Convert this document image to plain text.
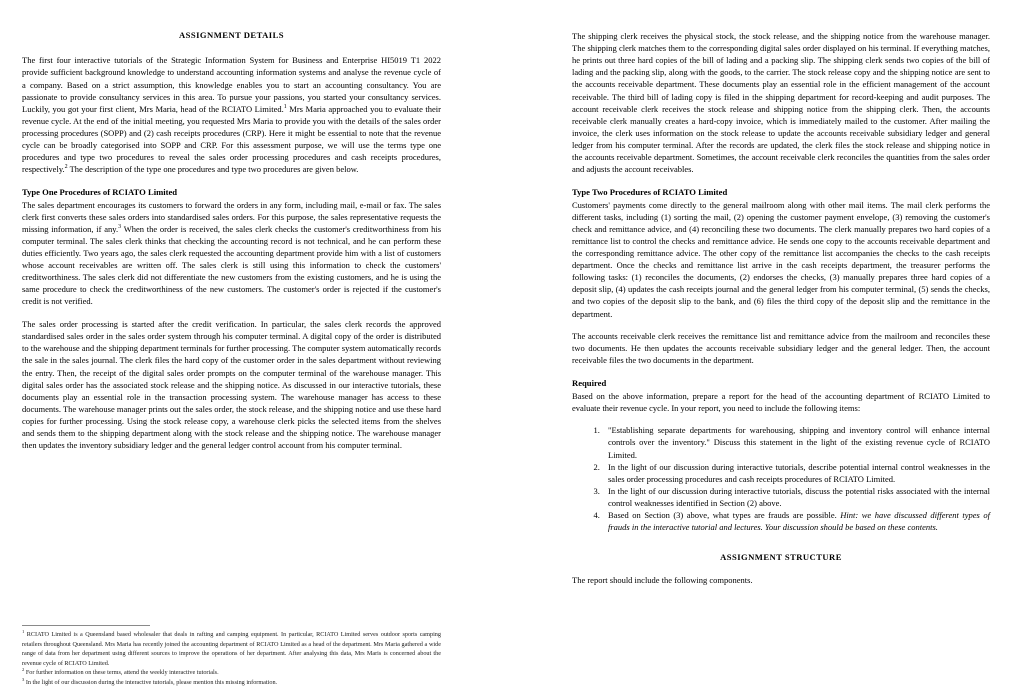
ASSIGNMENT DETAILS

The first four interactive tutorials of the Strategic Information System for Business and Enterprise HI5019 T1 2022 provide sufficient background knowledge to understand accounting information systems and analyse the revenue cycle of a company. Based on a strict assumption, this knowledge enables you to start an accounting consultancy. You are passionate to provide consultancy services in this area. To pursue your passions, you started your consultancy services. Luckily, you got your first client, Mrs Maria, head of the RCIATO Limited.$^1$ Mrs Maria approached you to evaluate their revenue cycle. At the end of the initial meeting, you requested Mrs Maria to provide you with the details of the sales order processing procedures (SOPP) and (2) cash receipts procedures (CRP). Here it might be essential to note that the revenue cycle can be broadly categorised into SOPP and CRP. For this assessment purpose, we will use the terms type one procedures and type two procedures to reveal the sales order processing procedures and cash receipts procedures, respectively.$^2$ The description of the type one procedures and type two procedures are given below.

Type One Procedures of RCIATO Limited

The sales department encourages its customers to forward the orders in any form, including mail, e-mail or fax. The sales clerk first converts these sales orders into standardised sales orders. For this purpose, the sales representative requests the missing information, if any.$^3$ When the order is received, the sales clerk checks the customer's creditworthiness from his computer terminal. The sales clerk thinks that checking the accounting record is not technical, and he can perform these duties efficiently. Two years ago, the sales clerk requested the accounting department provide him with a list of customers whose account receivables are written off. The sales clerk is still using this information to check the customers' creditworthiness. The sales clerk did not differentiate the new customers from the existing customers, and he is using the same procedure to check the creditworthiness of the new customers. The customer's order is rejected if the customer's credit is not verified.

The sales order processing is started after the credit verification. In particular, the sales clerk records the approved standardised sales order in the sales order system through his computer terminal. A digital copy of the order is distributed to the warehouse and the shipping department terminals for further processing. The computer system automatically records the sale in the sales journal. The clerk files the hard copy of the customer order in the sales department without reviewing the entry. Then, the receipt of the digital sales order prompts on the computer terminal of the warehouse manager. This digital sales order has the associated stock release and the shipping notice. As discussed in our interactive tutorials, these documents play an essential role in the transaction processing system. The warehouse manager has access to these documents. The warehouse manager prints out the sales order, the stock release, and the shipping notice and use these hard copies for further processing. Using the stock release copy, a warehouse clerk picks the selected items from the shelves and sends them to the shipping department along with the stock release and the shipping notice. The warehouse manager then updates the inventory subsidiary ledger and the general ledger control account from his computer terminal.

$^1$ RCIATO Limited is a Queensland based wholesaler that deals in rafting and camping equipment. In particular, RCIATO Limited serves outdoor sports camping retailers throughout Queensland. Mrs Maria has recently joined the accounting department of RCIATO Limited as a head of the department. Mrs Maria gathered a wide range of data from her department using different sources to improve the operations of her department. After analysing this data, Mrs Maris is concerned about the revenue cycle of RCIATO Limited.

$^2$ For further information on these terms, attend the weekly interactive tutorials.

$^3$ In the light of our discussion during the interactive tutorials, please mention this missing information.

The shipping clerk receives the physical stock, the stock release, and the shipping notice from the warehouse manager. The shipping clerk matches them to the corresponding digital sales order displayed on his terminal. If everything matches, he prints out three hard copies of the bill of lading and a packing slip. The shipping clerk sends two copies of the bill of lading and the packing slip, along with the goods, to the carrier. The stock release copy and the shipping notice are sent to the accounts receivable department. These documents play an essential role in the efficient management of the account receivable. The third bill of lading copy is filed in the shipping department for record-keeping and audit purposes. The account receivable clerk receives the stock release and shipping notice from the shipping clerk. Then, the accounts receivable clerk manually creates a hard-copy invoice, which is immediately mailed to the customer. After mailing the invoice, the clerk uses information on the stock release to update the accounts receivable subsidiary ledger and general ledger from his computer terminal. After the records are updated, the clerk files the stock release and shipping notice in the accounts receivable department. Sometimes, the account receivable clerk reconciles the quantities from the sales order and adjusts the account receivables.

Type Two Procedures of RCIATO Limited

Customers' payments come directly to the general mailroom along with other mail items. The mail clerk performs the different tasks, including (1) sorting the mail, (2) opening the customer payment envelope, (3) removing the customer's check and remittance advice, and (4) reconciling these two documents. The clerk manually prepares two hard copies of a remittance list to control the checks and remittance advice. He sends one copy to the accounts receivable department and the corresponding remittance advice. The other copy of the remittance list accompanies the checks to the cash receipts department. Once the checks and remittance list arrive in the cash receipts department, the treasurer performs the following tasks: (1) reconciles the documents, (2) endorses the checks, (3) manually prepares three hard copies of a deposit slip, (4) updates the cash receipts journal and the general ledger from his computer terminal, (5) sends the checks, and two copies of the deposit slip to the bank, and (6) files the third copy of the deposit slip and the remittance in the department.

The accounts receivable clerk receives the remittance list and remittance advice from the mailroom and reconciles these two documents. He then updates the accounts receivable subsidiary ledger and the general ledger. Then, the account receivable files the two documents in the department.

Required

Based on the above information, prepare a report for the head of the accounting department of RCIATO Limited to evaluate their revenue cycle. In your report, you need to include the following items:

1. "Establishing separate departments for warehousing, shipping and inventory control will enhance internal controls over the inventory." Discuss this statement in the light of the existing revenue cycle of RCIATO Limited.
2. In the light of our discussion during interactive tutorials, describe potential internal control weaknesses in the sales order processing procedures and cash receipts procedures of RCIATO Limited.
3. In the light of our discussion during interactive tutorials, discuss the potential risks associated with the internal control weaknesses identified in Section (2) above.
4. Based on Section (3) above, what types are frauds are possible. Hint: we have discussed different types of frauds in the interactive tutorial and lectures. Your discussion should be based on these contents.
ASSIGNMENT STRUCTURE

The report should include the following components.
